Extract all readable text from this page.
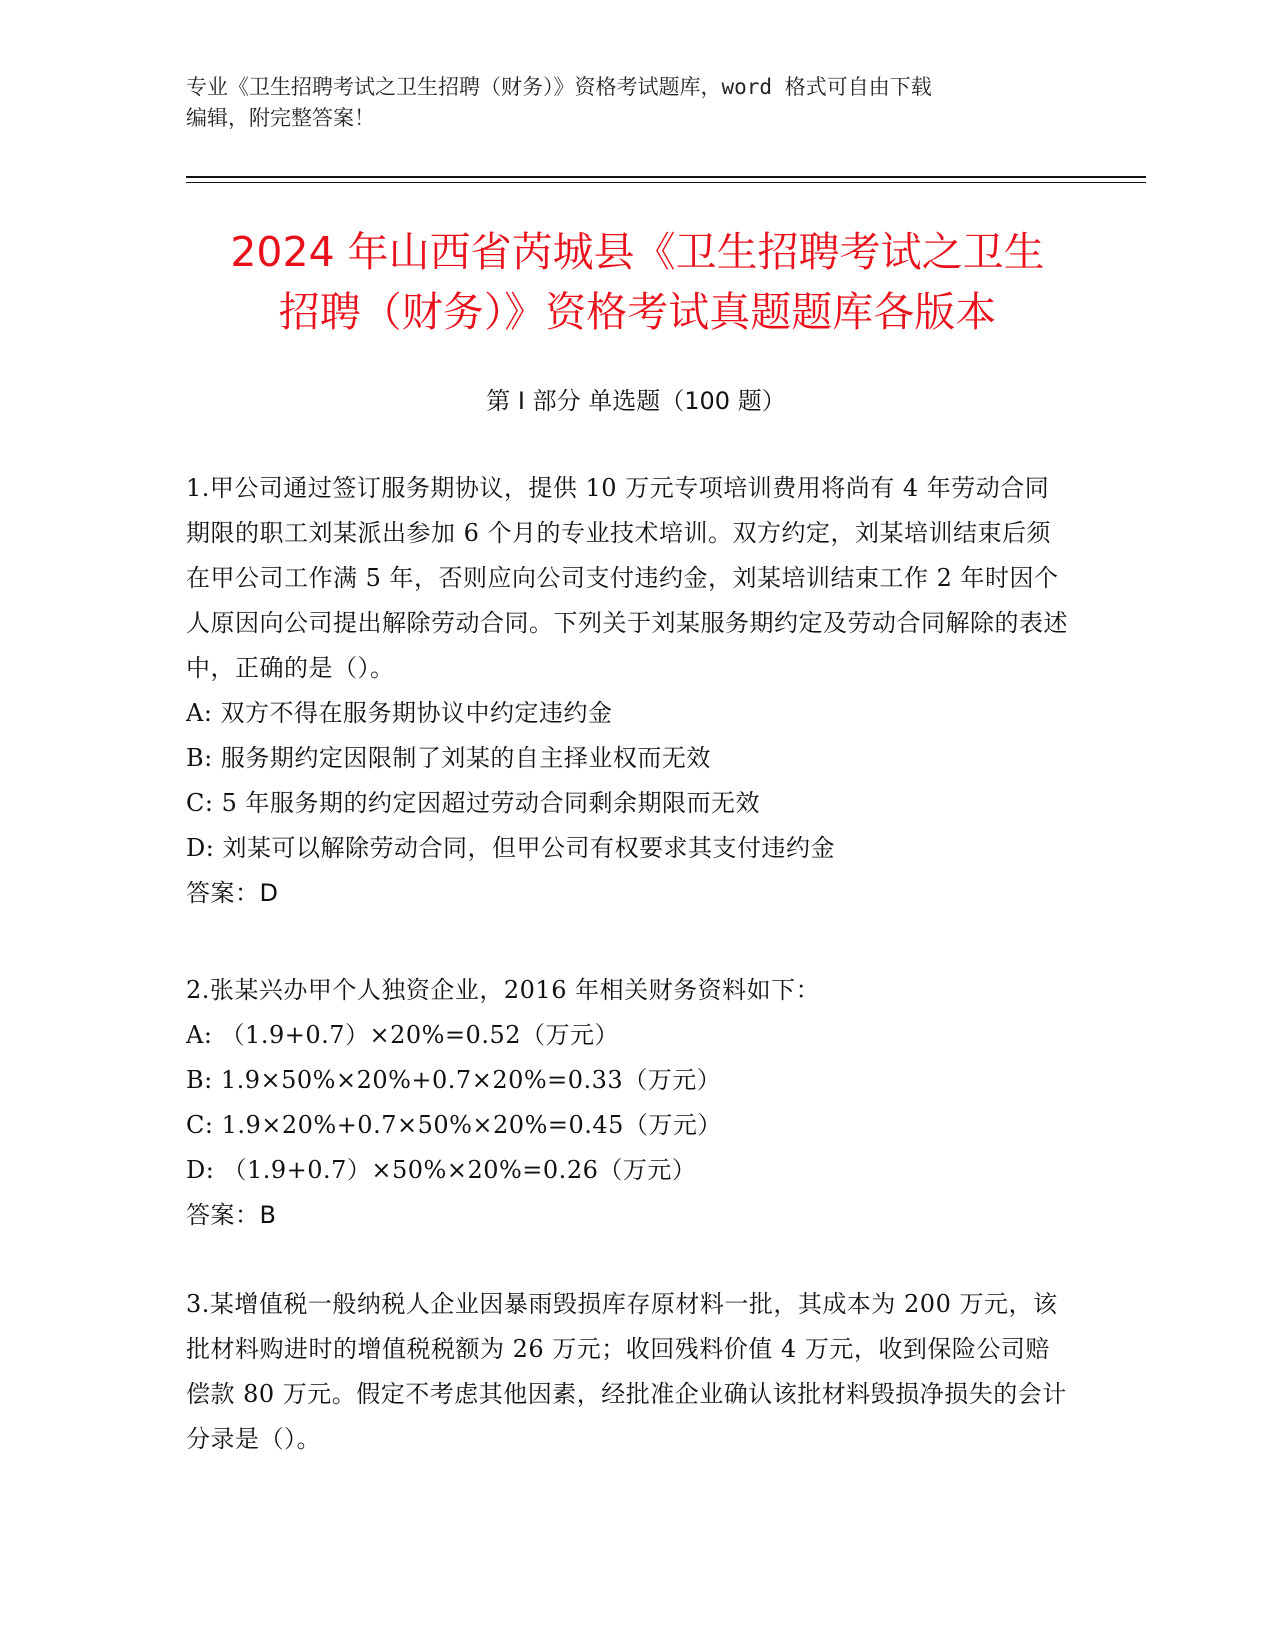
专业《卫生招聘考试之卫生招聘（财务）》资格考试题库，word 格式可自由下载
编辑，附完整答案！
2024 年山西省芮城县《卫生招聘考试之卫生
招聘（财务）》资格考试真题题库各版本
第 I 部分 单选题（100 题）

1.甲公司通过签订服务期协议，提供 10 万元专项培训费用将尚有 4 年劳动合同期限的职工刘某派出参加 6 个月的专业技术培训。双方约定，刘某培训结束后须在甲公司工作满 5 年，否则应向公司支付违约金，刘某培训结束工作 2 年时因个人原因向公司提出解除劳动合同。下列关于刘某服务期约定及劳动合同解除的表述中，正确的是（）。

A: 双方不得在服务期协议中约定违约金

B: 服务期约定因限制了刘某的自主择业权而无效

C: 5 年服务期的约定因超过劳动合同剩余期限而无效

D: 刘某可以解除劳动合同，但甲公司有权要求其支付违约金

答案：D

2.张某兴办甲个人独资企业，2016 年相关财务资料如下：

A: （1.9+0.7）×20%=0.52（万元）

B: 1.9×50%×20%+0.7×20%=0.33（万元）

C: 1.9×20%+0.7×50%×20%=0.45（万元）

D: （1.9+0.7）×50%×20%=0.26（万元）

答案：B

3.某增值税一般纳税人企业因暴雨毁损库存原材料一批，其成本为 200 万元，该批材料购进时的增值税税额为 26 万元；收回残料价值 4 万元，收到保险公司赔偿款 80 万元。假定不考虑其他因素，经批准企业确认该批材料毁损净损失的会计分录是（）。
